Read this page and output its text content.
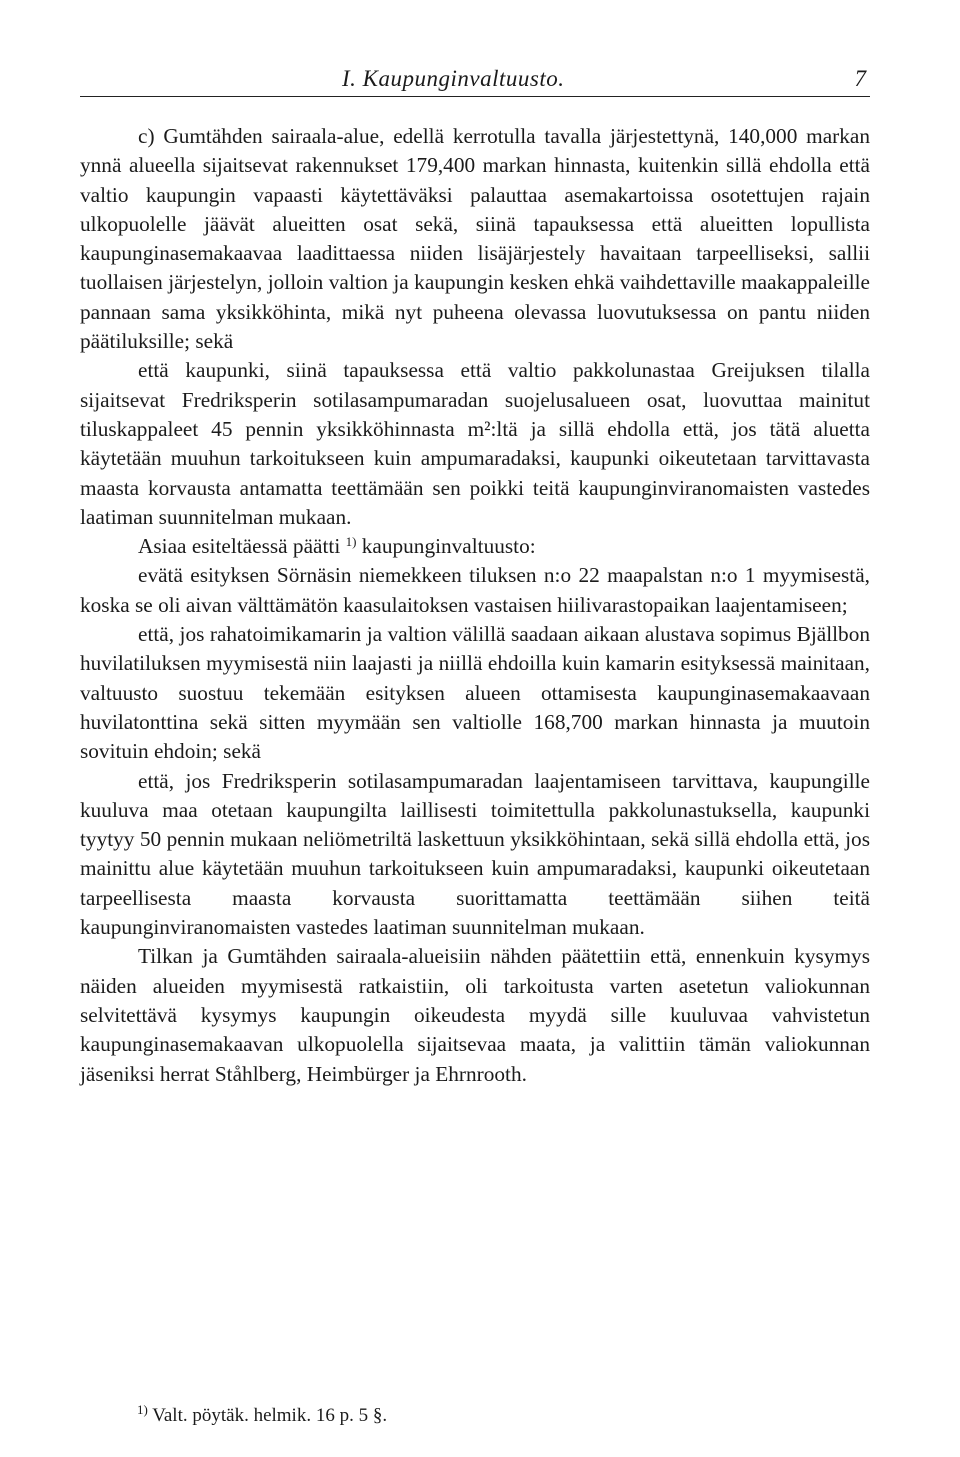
I. Kaupunginvaltuusto.	7

c) Gumtähden sairaala-alue, edellä kerrotulla tavalla järjestettynä, 140,000 markan ynnä alueella sijaitsevat rakennukset 179,400 markan hinnasta, kuitenkin sillä ehdolla että valtio kaupungin vapaasti käytettäväksi palauttaa asemakartoissa osotettujen rajain ulkopuolelle jäävät alueitten osat sekä, siinä tapauksessa että alueitten lopullista kaupunginasemakaavaa laadittaessa niiden lisäjärjestely havaitaan tarpeelliseksi, sallii tuollaisen järjestelyn, jolloin valtion ja kaupungin kesken ehkä vaihdettaville maakappaleille pannaan sama yksikköhinta, mikä nyt puheena olevassa luovutuksessa on pantu niiden päätiluksille; sekä

että kaupunki, siinä tapauksessa että valtio pakkolunastaa Greijuksen tilalla sijaitsevat Fredriksperin sotilasampumaradan suojelusalueen osat, luovuttaa mainitut tiluskappaleet 45 pennin yksikköhinnasta m²:ltä ja sillä ehdolla että, jos tätä aluetta käytetään muuhun tarkoitukseen kuin ampumaradaksi, kaupunki oikeutetaan tarvittavasta maasta korvausta antamatta teettämään sen poikki teitä kaupunginviranomaisten vastedes laatiman suunnitelman mukaan.

Asiaa esiteltäessä päätti $^{1)}$ kaupunginvaltuusto:

evätä esityksen Sörnäsin niemekkeen tiluksen n:o 22 maapalstan n:o 1 myymisestä, koska se oli aivan välttämätön kaasulaitoksen vastaisen hiilivarastopaikan laajentamiseen;

että, jos rahatoimikamarin ja valtion välillä saadaan aikaan alustava sopimus Bjällbon huvilatiluksen myymisestä niin laajasti ja niillä ehdoilla kuin kamarin esityksessä mainitaan, valtuusto suostuu tekemään esityksen alueen ottamisesta kaupunginasemakaavaan huvilatonttina sekä sitten myymään sen valtiolle 168,700 markan hinnasta ja muutoin sovituin ehdoin; sekä

että, jos Fredriksperin sotilasampumaradan laajentamiseen tarvittava, kaupungille kuuluva maa otetaan kaupungilta laillisesti toimitettulla pakkolunastuksella, kaupunki tyytyy 50 pennin mukaan neliömetriltä laskettuun yksikköhintaan, sekä sillä ehdolla että, jos mainittu alue käytetään muuhun tarkoitukseen kuin ampumaradaksi, kaupunki oikeutetaan tarpeellisesta maasta korvausta suorittamatta teettämään siihen teitä kaupunginviranomaisten vastedes laatiman suunnitelman mukaan.

Tilkan ja Gumtähden sairaala-alueisiin nähden päätettiin että, ennenkuin kysymys näiden alueiden myymisestä ratkaistiin, oli tarkoitusta varten asetetun valiokunnan selvitettävä kysymys kaupungin oikeudesta myydä sille kuuluvaa vahvistetun kaupunginasemakaavan ulkopuolella sijaitsevaa maata, ja valittiin tämän valiokunnan jäseniksi herrat Ståhlberg, Heimbürger ja Ehrnrooth.

$^{1)}$ Valt. pöytäk. helmik. 16 p. 5 §.
